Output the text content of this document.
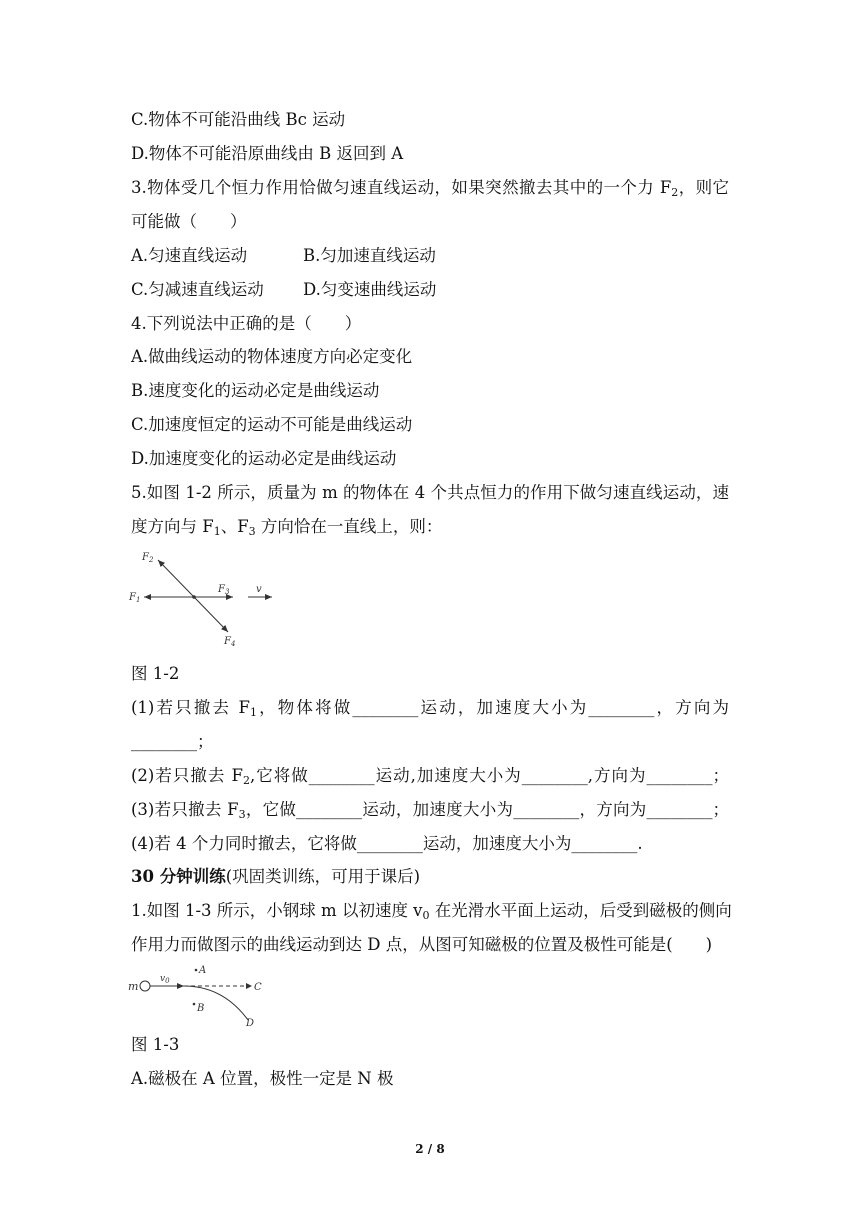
C.物体不可能沿曲线 Bc 运动
D.物体不可能沿原曲线由 B 返回到 A
3.物体受几个恒力作用恰做匀速直线运动，如果突然撤去其中的一个力 $F_2$，则它
可能做（　　）
A.匀速直线运动	B.匀加速直线运动
C.匀减速直线运动 D.匀变速曲线运动
4.下列说法中正确的是（　　）
A.做曲线运动的物体速度方向必定变化
B.速度变化的运动必定是曲线运动
C.加速度恒定的运动不可能是曲线运动
D.加速度变化的运动必定是曲线运动
5.如图 1-2 所示，质量为 m 的物体在 4 个共点恒力的作用下做匀速直线运动，速
度方向与 $F_1$、$F_3$ 方向恰在一直线上，则：
$F_2$
$F_1$
$F_3$
$F_4$
v
图 1-2
(1)若只撤去 $F_1$，物体将做________运动，加速度大小为________，方向为
________；
(2)若只撤去 $F_2$,它将做________运动,加速度大小为________,方向为________；
(3)若只撤去 $F_3$，它做________运动，加速度大小为________，方向为________；
(4)若 4 个力同时撤去，它将做________运动，加速度大小为________.
30 分钟训练(巩固类训练，可用于课后)
1.如图 1-3 所示，小钢球 m 以初速度 $v_0$ 在光滑水平面上运动，后受到磁极的侧向
作用力而做图示的曲线运动到达 D 点，从图可知磁极的位置及极性可能是(　　)
m
$v_0$
A
B
C
D
图 1-3
A.磁极在 A 位置，极性一定是 N 极
2 / 8
